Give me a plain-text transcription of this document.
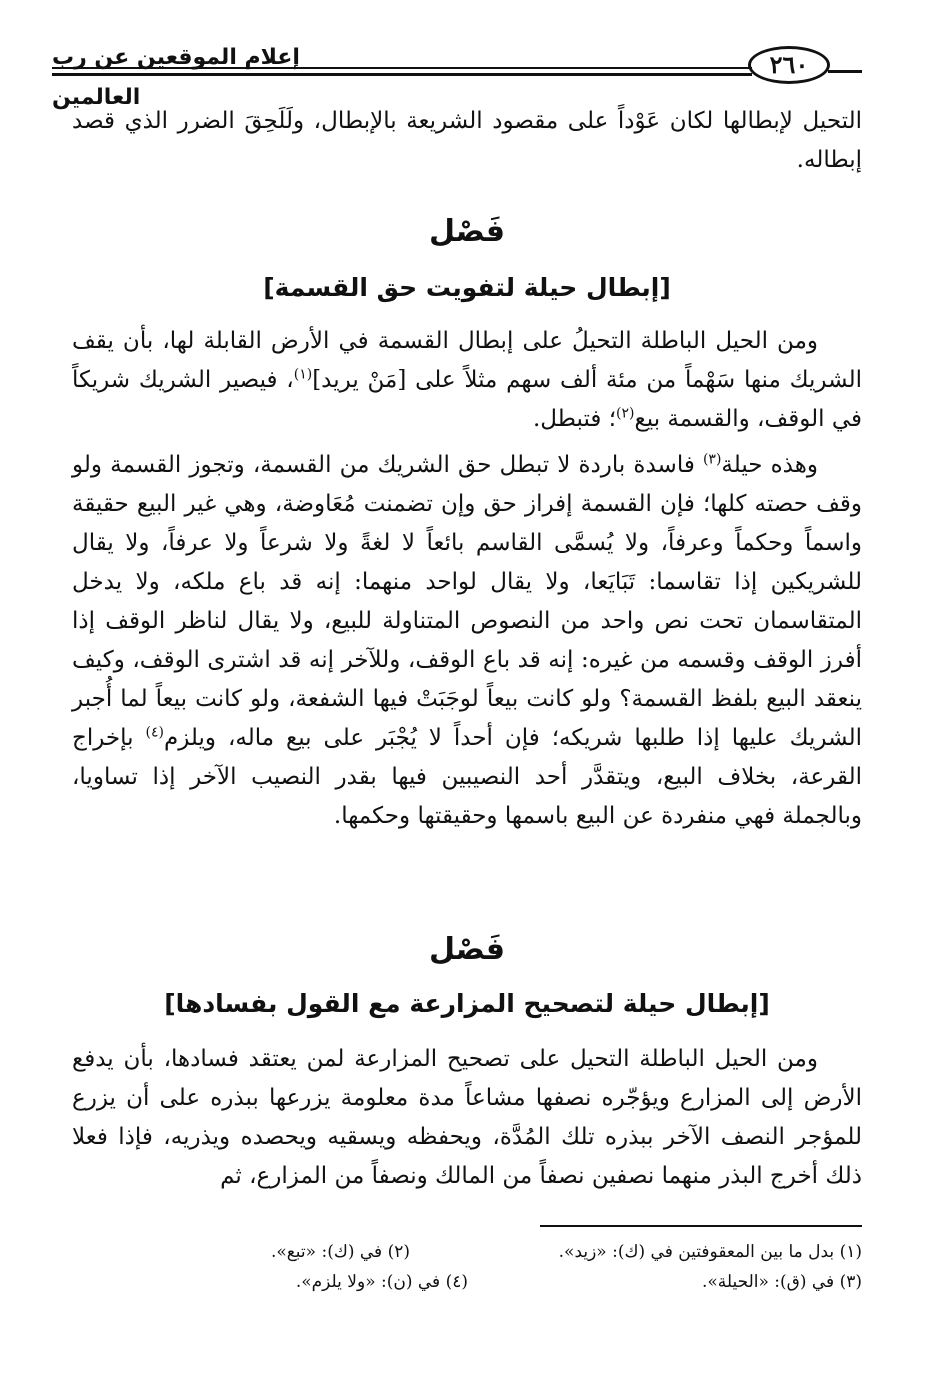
٢٦٠
إعلام الموقعين عن رب العالمين

التحيل لإبطالها لكان عَوْداً على مقصود الشريعة بالإبطال، ولَلَحِقَ الضرر الذي قصد إبطاله.

فَصْل
[إبطال حيلة لتفويت حق القسمة]

ومن الحيل الباطلة التحيلُ على إبطال القسمة في الأرض القابلة لها، بأن يقف الشريك منها سَهْماً من مئة ألف سهم مثلاً على [مَنْ يريد]$^{(١)}$، فيصير الشريك شريكاً في الوقف، والقسمة بيع$^{(٢)}$؛ فتبطل.

وهذه حيلة$^{(٣)}$ فاسدة باردة لا تبطل حق الشريك من القسمة، وتجوز القسمة ولو وقف حصته كلها؛ فإن القسمة إفراز حق وإن تضمنت مُعَاوضة، وهي غير البيع حقيقة واسماً وحكماً وعرفاً، ولا يُسمَّى القاسم بائعاً لا لغةً ولا شرعاً ولا عرفاً، ولا يقال للشريكين إذا تقاسما: تَبَايَعا، ولا يقال لواحد منهما: إنه قد باع ملكه، ولا يدخل المتقاسمان تحت نص واحد من النصوص المتناولة للبيع، ولا يقال لناظر الوقف إذا أفرز الوقف وقسمه من غيره: إنه قد باع الوقف، وللآخر إنه قد اشترى الوقف، وكيف ينعقد البيع بلفظ القسمة؟ ولو كانت بيعاً لوجَبَتْ فيها الشفعة، ولو كانت بيعاً لما أُجبر الشريك عليها إذا طلبها شريكه؛ فإن أحداً لا يُجْبَر على بيع ماله، ويلزم$^{(٤)}$ بإخراج القرعة، بخلاف البيع، ويتقدَّر أحد النصيبين فيها بقدر النصيب الآخر إذا تساويا، وبالجملة فهي منفردة عن البيع باسمها وحقيقتها وحكمها.

فَصْل
[إبطال حيلة لتصحيح المزارعة مع القول بفسادها]

ومن الحيل الباطلة التحيل على تصحيح المزارعة لمن يعتقد فسادها، بأن يدفع الأرض إلى المزارع ويؤجّره نصفها مشاعاً مدة معلومة يزرعها ببذره على أن يزرع للمؤجر النصف الآخر ببذره تلك المُدَّة، ويحفظه ويسقيه ويحصده ويذريه، فإذا فعلا ذلك أخرج البذر منهما نصفين نصفاً من المالك ونصفاً من المزارع، ثم

(١) بدل ما بين المعقوفتين في (ك): «زيد».
(٢) في (ك): «تبع».
(٣) في (ق): «الحيلة».
(٤) في (ن): «ولا يلزم».
